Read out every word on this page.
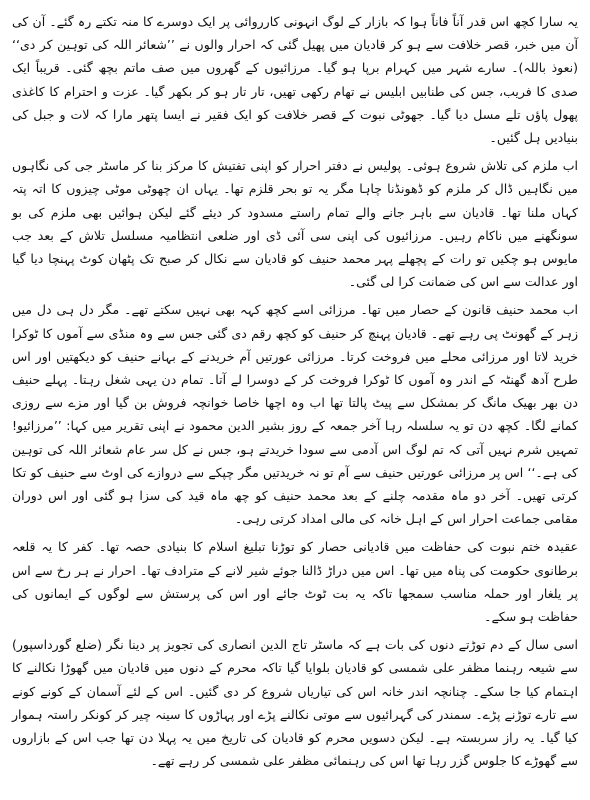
یہ سارا کچھ اس قدر آناً فاناً ہوا کہ بازار کے لوگ انہونی کارروائی پر ایک دوسرے کا منہ تکتے رہ گئے۔ آن کی آن میں خبر، قصر خلافت سے ہو کر قادیان میں پھیل گئی کہ احرار والوں نے ’’شعائر اللہ کی توہین کر دی‘‘ (نعوذ باللہ)۔ سارے شہر میں کہرام برپا ہو گیا۔ مرزائیوں کے گھروں میں صف ماتم بچھ گئی۔ قریباً ایک صدی کا فریب، جس کی طنابیں ابلیس نے تھام رکھی تھیں، تار تار ہو کر بکھر گیا۔ عزت و احترام کا کاغذی پھول پاؤں تلے مسل دیا گیا۔ جھوٹی نبوت کے قصر خلافت کو ایک فقیر نے ایسا پتھر مارا کہ لات و جبل کی بنیادیں ہل گئیں۔

اب ملزم کی تلاش شروع ہوئی۔ پولیس نے دفتر احرار کو اپنی تفتیش کا مرکز بنا کر ماسٹر جی کی نگاہوں میں نگاہیں ڈال کر ملزم کو ڈھونڈنا چاہا مگر یہ تو بحر قلزم تھا۔ یہاں ان چھوٹی موٹی چیزوں کا اتہ پتہ کہاں ملنا تھا۔ قادیان سے باہر جانے والے تمام راستے مسدود کر دیئے گئے لیکن ہوائیں بھی ملزم کی بو سونگھنے میں ناکام رہیں۔ مرزائیوں کی اپنی سی آئی ڈی اور ضلعی انتظامیہ مسلسل تلاش کے بعد جب مایوس ہو چکیں تو رات کے پچھلے پہر محمد حنیف کو قادیان سے نکال کر صبح تک پٹھان کوٹ پہنچا دیا گیا اور عدالت سے اس کی ضمانت کرا لی گئی۔

اب محمد حنیف قانون کے حصار میں تھا۔ مرزائی اسے کچھ کہہ بھی نہیں سکتے تھے۔ مگر دل ہی دل میں زہر کے گھونٹ پی رہے تھے۔ قادیان پہنچ کر حنیف کو کچھ رقم دی گئی جس سے وہ منڈی سے آموں کا ٹوکرا خرید لاتا اور مرزائی محلے میں فروخت کرتا۔ مرزائی عورتیں آم خریدنے کے بہانے حنیف کو دیکھتیں اور اس طرح آدھ گھنٹہ کے اندر وہ آموں کا ٹوکرا فروخت کر کے دوسرا لے آتا۔ تمام دن یہی شغل رہتا۔ پہلے حنیف دن بھر بھیک مانگ کر بمشکل سے پیٹ پالتا تھا اب وہ اچھا خاصا خوانچہ فروش بن گیا اور مزے سے روزی کمانے لگا۔ کچھ دن تو یہ سلسلہ رہا آخر جمعہ کے روز بشیر الدین محمود نے اپنی تقریر میں کہا: ’’مرزائیو! تمہیں شرم نہیں آتی کہ تم لوگ اس آدمی سے سودا خریدتے ہو، جس نے کل سر عام شعائر اللہ کی توہین کی ہے۔‘‘ اس پر مرزائی عورتیں حنیف سے آم تو نہ خریدتیں مگر چپکے سے دروازے کی اوٹ سے حنیف کو تکا کرتی تھیں۔ آخر دو ماہ مقدمہ چلنے کے بعد محمد حنیف کو چھ ماہ قید کی سزا ہو گئی اور اس دوران مقامی جماعت احرار اس کے اہل خانہ کی مالی امداد کرتی رہی۔

عقیدہ ختم نبوت کی حفاظت میں قادیانی حصار کو توڑنا تبلیغ اسلام کا بنیادی حصہ تھا۔ کفر کا یہ قلعہ برطانوی حکومت کی پناہ میں تھا۔ اس میں دراڑ ڈالنا جوئے شیر لانے کے مترادف تھا۔ احرار نے ہر رخ سے اس پر یلغار اور حملہ مناسب سمجھا تاکہ یہ بت ٹوٹ جائے اور اس کی پرستش سے لوگوں کے ایمانوں کی حفاظت ہو سکے۔

اسی سال کے دم توڑتے دنوں کی بات ہے کہ ماسٹر تاج الدین انصاری کی تجویز پر دینا نگر (ضلع گورداسپور) سے شیعہ رہنما مظفر علی شمسی کو قادیان بلوایا گیا تاکہ محرم کے دنوں میں قادیان میں گھوڑا نکالنے کا اہتمام کیا جا سکے۔ چنانچہ اندر خانہ اس کی تیاریاں شروع کر دی گئیں۔ اس کے لئے آسمان کے کونے کونے سے تارے توڑنے پڑے۔ سمندر کی گہرائیوں سے موتی نکالنے پڑے اور پہاڑوں کا سینہ چیر کر کونکر راستہ ہموار کیا گیا۔ یہ راز سربستہ ہے۔ لیکن دسویں محرم کو قادیان کی تاریخ میں یہ پہلا دن تھا جب اس کے بازاروں سے گھوڑے کا جلوس گزر رہا تھا اس کی رہنمائی مظفر علی شمسی کر رہے تھے۔
